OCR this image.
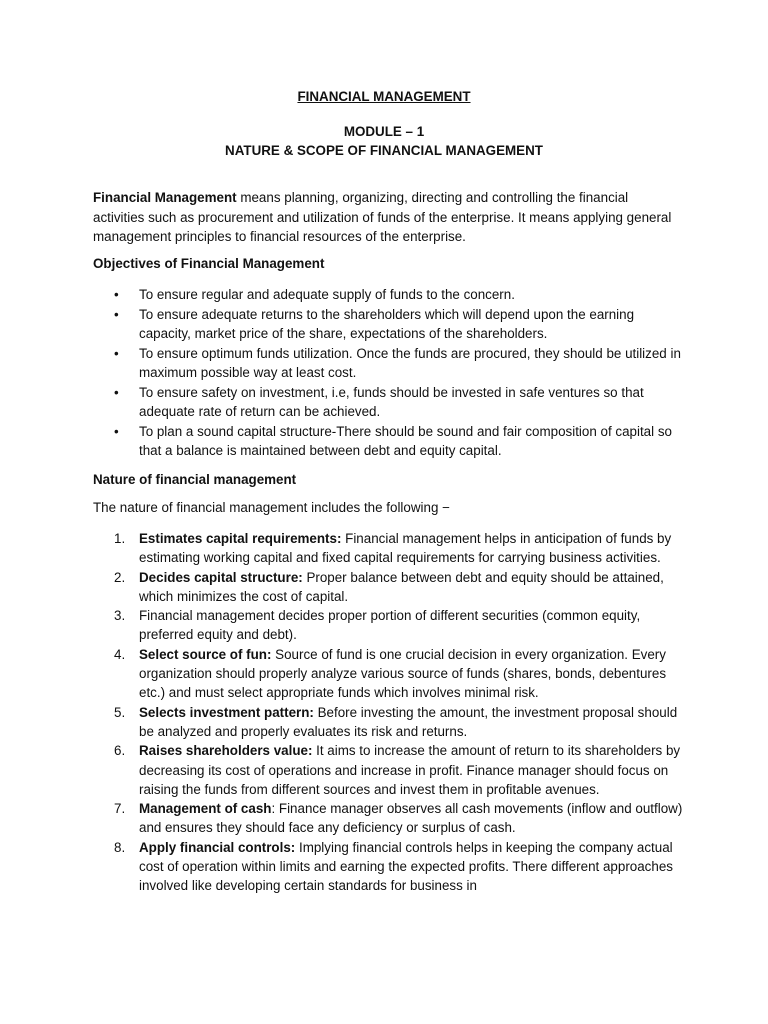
FINANCIAL MANAGEMENT
MODULE – 1
NATURE & SCOPE OF FINANCIAL MANAGEMENT
Financial Management means planning, organizing, directing and controlling the financial activities such as procurement and utilization of funds of the enterprise. It means applying general management principles to financial resources of the enterprise.
Objectives of Financial Management
• To ensure regular and adequate supply of funds to the concern.
• To ensure adequate returns to the shareholders which will depend upon the earning capacity, market price of the share, expectations of the shareholders.
• To ensure optimum funds utilization. Once the funds are procured, they should be utilized in maximum possible way at least cost.
• To ensure safety on investment, i.e, funds should be invested in safe ventures so that adequate rate of return can be achieved.
• To plan a sound capital structure-There should be sound and fair composition of capital so that a balance is maintained between debt and equity capital.
Nature of financial management
The nature of financial management includes the following −
1. Estimates capital requirements: Financial management helps in anticipation of funds by estimating working capital and fixed capital requirements for carrying business activities.
2. Decides capital structure: Proper balance between debt and equity should be attained, which minimizes the cost of capital.
3. Financial management decides proper portion of different securities (common equity, preferred equity and debt).
4. Select source of fun: Source of fund is one crucial decision in every organization. Every organization should properly analyze various source of funds (shares, bonds, debentures etc.) and must select appropriate funds which involves minimal risk.
5. Selects investment pattern: Before investing the amount, the investment proposal should be analyzed and properly evaluates its risk and returns.
6. Raises shareholders value: It aims to increase the amount of return to its shareholders by decreasing its cost of operations and increase in profit. Finance manager should focus on raising the funds from different sources and invest them in profitable avenues.
7. Management of cash: Finance manager observes all cash movements (inflow and outflow) and ensures they should face any deficiency or surplus of cash.
8. Apply financial controls: Implying financial controls helps in keeping the company actual cost of operation within limits and earning the expected profits. There different approaches involved like developing certain standards for business in
